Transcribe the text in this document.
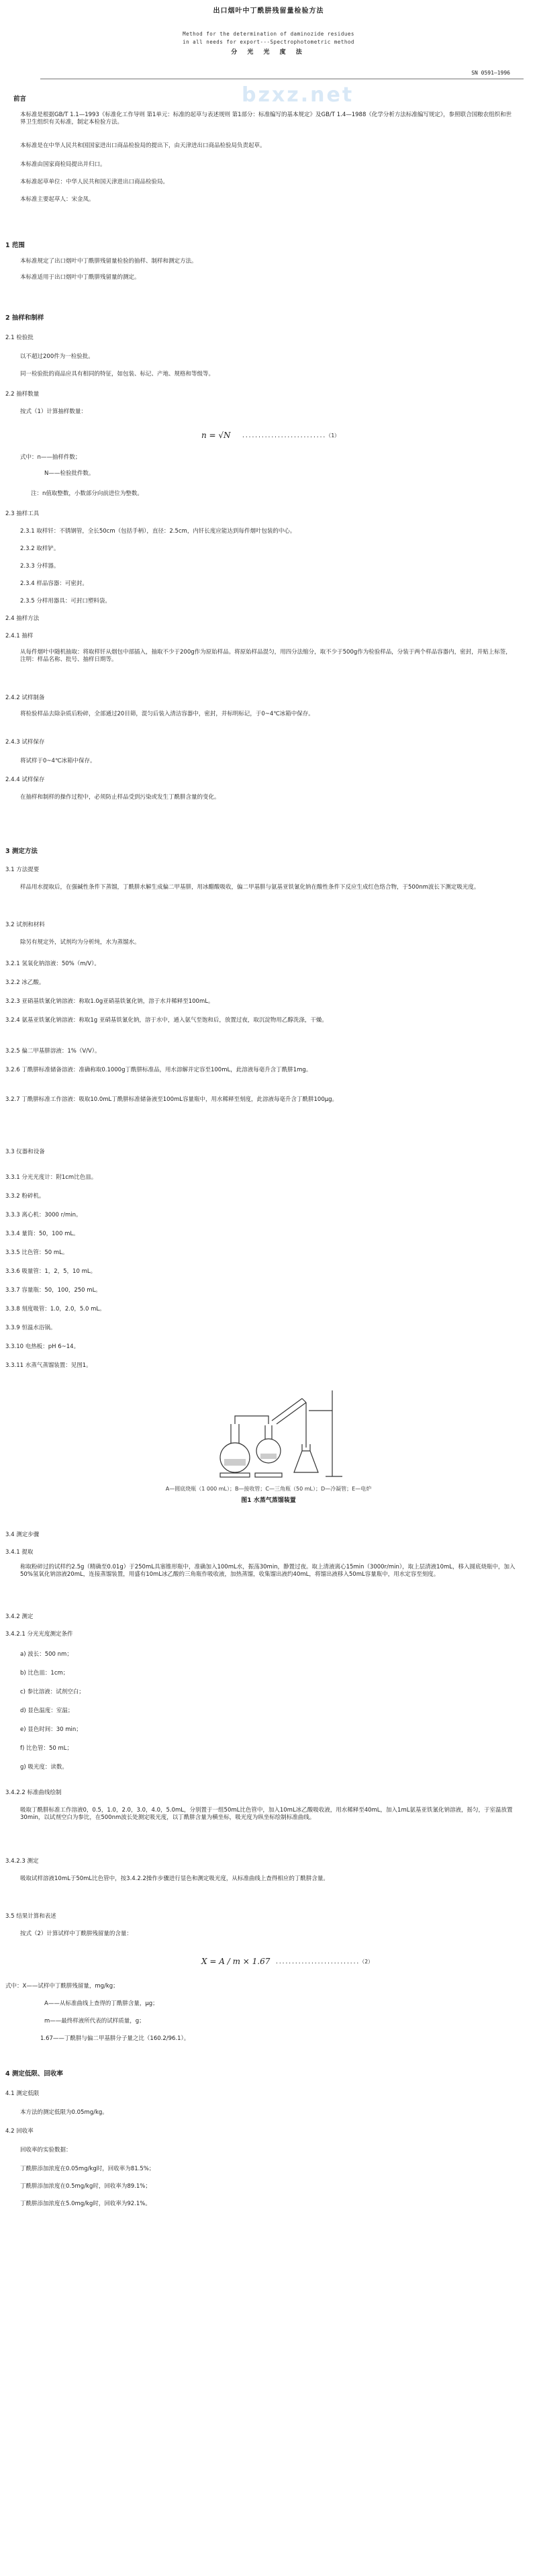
bzxz.net
出口烟叶中丁酰肼残留量检验方法
Method for the determination of daminozide residues
in all needs for export---Spectrophotometric method
分 光 光 度 法
SN 0591—1996
前言
本标准是根据GB/T 1.1—1993《标准化工作导则 第1单元：标准的起草与表述规则 第1部分：标准编写的基本规定》及GB/T 1.4—1988《化学分析方法标准编写规定》，参照联合国粮农组织和世界卫生组织有关标准，制定本检验方法。
本标准是在中华人民共和国国家进出口商品检验局的提出下，由天津进出口商品检验局负责起草。
本标准由国家商检局提出并归口。
本标准起草单位：中华人民共和国天津进出口商品检验局。
本标准主要起草人：宋金凤。
1 范围
本标准规定了出口烟叶中丁酰肼残留量检验的抽样、制样和测定方法。
本标准适用于出口烟叶中丁酰肼残留量的测定。
2 抽样和制样
2.1 检验批
以不超过200件为一检验批。
同一检验批的商品应具有相同的特征，如包装、标记、产地、规格和等级等。
2.2 抽样数量
按式（1）计算抽样数量：
n = √N ..........................（1）
式中：n——抽样件数；
N——检验批件数。
注：n值取整数，小数部分向前进位为整数。
2.3 抽样工具
2.3.1 取样钎：不锈钢管，全长50cm（包括手柄），直径：2.5cm，内钎长度应能达到每件烟叶包装的中心。
2.3.2 取样铲。
2.3.3 分样器。
2.3.4 样品容器：可密封。
2.3.5 分样用器具：可封口塑料袋。
2.4 抽样方法
2.4.1 抽样
从每件烟叶中随机抽取：将取样钎从烟包中部插入，抽取不少于200g作为原始样品。将原始样品混匀，用四分法缩分，取不少于500g作为检验样品，分装于两个样品容器内，密封，并贴上标签，注明：样品名称、批号、抽样日期等。
2.4.2 试样制备
将检验样品去除杂质后粉碎，全部通过20目筛，混匀后装入清洁容器中，密封，并标明标记，于0~4℃冰箱中保存。
2.4.3 试样保存
将试样于0~4℃冰箱中保存。
2.4.4 试样保存
在抽样和制样的操作过程中，必须防止样品受到污染或发生丁酰肼含量的变化。
3 测定方法
3.1 方法提要
样品用水提取后，在强碱性条件下蒸馏，丁酰肼水解生成偏二甲基肼，用冰醋酸吸收，偏二甲基肼与氨基亚铁氰化钠在酸性条件下反应生成红色络合物，于500nm波长下测定吸光度。
3.2 试剂和材料
除另有规定外，试剂均为分析纯，水为蒸馏水。
3.2.1 氢氧化钠溶液：50%（m/V）。
3.2.2 冰乙酸。
3.2.3 亚硝基铁氰化钠溶液：称取1.0g亚硝基铁氰化钠，溶于水并稀释至100mL。
3.2.4 氨基亚铁氰化钠溶液：称取1g 亚硝基铁氰化钠，溶于水中，通入氨气至饱和后，放置过夜，取沉淀物用乙醇洗涤，干燥。
3.2.5 偏二甲基肼溶液：1%（V/V）。
3.2.6 丁酰肼标准储备溶液：准确称取0.1000g丁酰肼标准品，用水溶解并定容至100mL，此溶液每毫升含丁酰肼1mg。
3.2.7 丁酰肼标准工作溶液：吸取10.0mL丁酰肼标准储备液至100mL容量瓶中，用水稀释至刻度，此溶液每毫升含丁酰肼100μg。
3.3 仪器和设备
3.3.1 分光光度计：附1cm比色皿。
3.3.2 粉碎机。
3.3.3 离心机：3000 r/min。
3.3.4 量筒：50，100 mL。
3.3.5 比色管：50 mL。
3.3.6 吸量管：1，2，5，10 mL。
3.3.7 容量瓶：50，100，250 mL。
3.3.8 刻度吸管：1.0，2.0，5.0 mL。
3.3.9 恒温水浴锅。
3.3.10 电热板：pH 6~14。
3.3.11 水蒸气蒸馏装置：见图1。
A—圆底烧瓶（1 000 mL）；B—接收管；C—三角瓶（50 mL）；D—冷凝管；E—电炉
图1 水蒸气蒸馏装置
3.4 测定步骤
3.4.1 提取
称取粉碎过的试样约2.5g（精确至0.01g）于250mL具塞锥形瓶中，准确加入100mL水，振荡30min，静置过夜。取上清液离心15min（3000r/min），取上层清液10mL，移入圆底烧瓶中，加入50%氢氧化钠溶液20mL，连接蒸馏装置，用盛有10mL冰乙酸的三角瓶作吸收液，加热蒸馏，收集馏出液约40mL，将馏出液移入50mL容量瓶中，用水定容至刻度。
3.4.2 测定
3.4.2.1 分光光度测定条件
a) 波长：500 nm；
b) 比色皿：1cm；
c) 参比溶液：试剂空白；
d) 显色温度：室温；
e) 显色时间：30 min；
f) 比色管：50 mL；
g) 吸光度：读数。
3.4.2.2 标准曲线绘制
吸取丁酰肼标准工作溶液0，0.5，1.0，2.0，3.0，4.0，5.0mL，分别置于一组50mL比色管中，加入10mL冰乙酸吸收液，用水稀释至40mL，加入1mL氨基亚铁氰化钠溶液，摇匀，于室温放置30min，以试剂空白为参比，在500nm波长处测定吸光度，以丁酰肼含量为横坐标，吸光度为纵坐标绘制标准曲线。
3.4.2.3 测定
吸取试样溶液10mL于50mL比色管中，按3.4.2.2操作步骤进行显色和测定吸光度，从标准曲线上查得相应的丁酰肼含量。
3.5 结果计算和表述
按式（2）计算试样中丁酰肼残留量的含量：
X = A / m × 1.67 ..........................（2）
式中：X——试样中丁酰肼残留量，mg/kg；
A——从标准曲线上查得的丁酰肼含量，μg；
m——最终样液所代表的试样质量，g；
1.67——丁酰肼与偏二甲基肼分子量之比（160.2/96.1）。
4 测定低限、回收率
4.1 测定低限
本方法的测定低限为0.05mg/kg。
4.2 回收率
回收率的实验数据：
丁酰肼添加浓度在0.05mg/kg时，回收率为81.5%；
丁酰肼添加浓度在0.5mg/kg时，回收率为89.1%；
丁酰肼添加浓度在5.0mg/kg时，回收率为92.1%。
